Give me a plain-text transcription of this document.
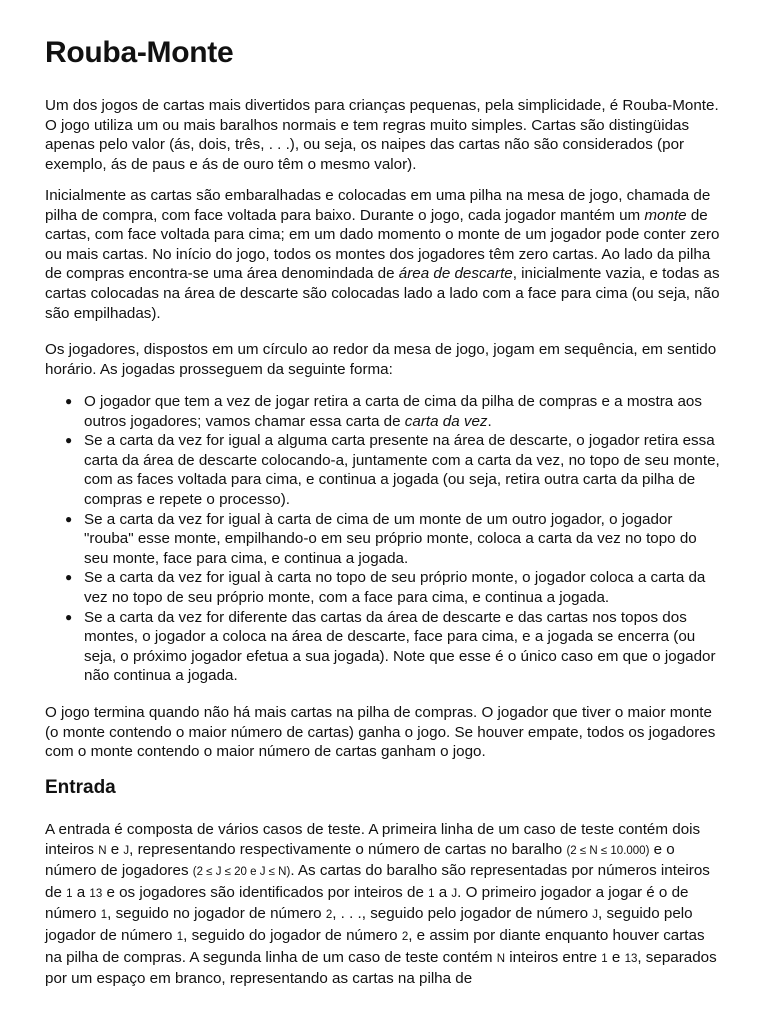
Rouba-Monte

Um dos jogos de cartas mais divertidos para crianças pequenas, pela simplicidade, é Rouba-Monte. O jogo utiliza um ou mais baralhos normais e tem regras muito simples. Cartas são distingüidas apenas pelo valor (ás, dois, três, . . .), ou seja, os naipes das cartas não são considerados (por exemplo, ás de paus e ás de ouro têm o mesmo valor).

Inicialmente as cartas são embaralhadas e colocadas em uma pilha na mesa de jogo, chamada de pilha de compra, com face voltada para baixo. Durante o jogo, cada jogador mantém um monte de cartas, com face voltada para cima; em um dado momento o monte de um jogador pode conter zero ou mais cartas. No início do jogo, todos os montes dos jogadores têm zero cartas. Ao lado da pilha de compras encontra-se uma área denomindada de área de descarte, inicialmente vazia, e todas as cartas colocadas na área de descarte são colocadas lado a lado com a face para cima (ou seja, não são empilhadas).

Os jogadores, dispostos em um círculo ao redor da mesa de jogo, jogam em sequência, em sentido horário. As jogadas prosseguem da seguinte forma:

● O jogador que tem a vez de jogar retira a carta de cima da pilha de compras e a mostra aos outros jogadores; vamos chamar essa carta de carta da vez.
● Se a carta da vez for igual a alguma carta presente na área de descarte, o jogador retira essa carta da área de descarte colocando-a, juntamente com a carta da vez, no topo de seu monte, com as faces voltada para cima, e continua a jogada (ou seja, retira outra carta da pilha de compras e repete o processo).
● Se a carta da vez for igual à carta de cima de um monte de um outro jogador, o jogador "rouba" esse monte, empilhando-o em seu próprio monte, coloca a carta da vez no topo do seu monte, face para cima, e continua a jogada.
● Se a carta da vez for igual à carta no topo de seu próprio monte, o jogador coloca a carta da vez no topo de seu próprio monte, com a face para cima, e continua a jogada.
● Se a carta da vez for diferente das cartas da área de descarte e das cartas nos topos dos montes, o jogador a coloca na área de descarte, face para cima, e a jogada se encerra (ou seja, o próximo jogador efetua a sua jogada). Note que esse é o único caso em que o jogador não continua a jogada.

O jogo termina quando não há mais cartas na pilha de compras. O jogador que tiver o maior monte (o monte contendo o maior número de cartas) ganha o jogo. Se houver empate, todos os jogadores com o monte contendo o maior número de cartas ganham o jogo.

Entrada

A entrada é composta de vários casos de teste. A primeira linha de um caso de teste contém dois inteiros N e J, representando respectivamente o número de cartas no baralho (2 ≤ N ≤ 10.000) e o número de jogadores (2 ≤ J ≤ 20 e J ≤ N). As cartas do baralho são representadas por números inteiros de 1 a 13 e os jogadores são identificados por inteiros de 1 a J. O primeiro jogador a jogar é o de número 1, seguido no jogador de número 2, . . ., seguido pelo jogador de número J, seguido pelo jogador de número 1, seguido do jogador de número 2, e assim por diante enquanto houver cartas na pilha de compras. A segunda linha de um caso de teste contém N inteiros entre 1 e 13, separados por um espaço em branco, representando as cartas na pilha de
